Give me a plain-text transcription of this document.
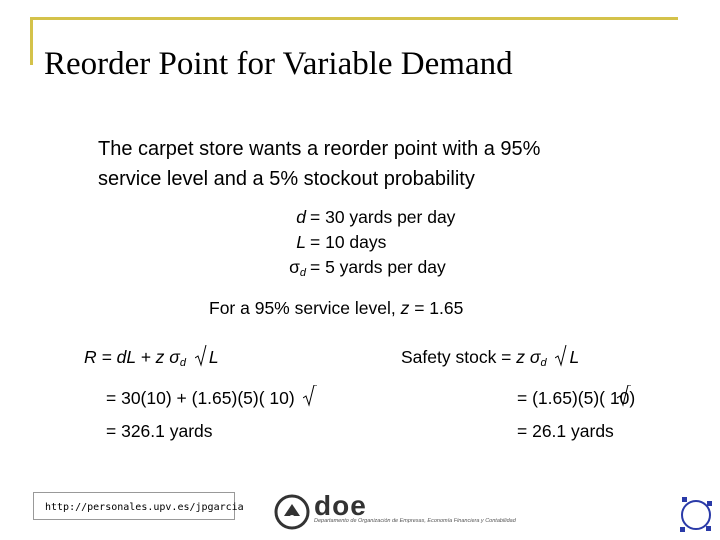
Reorder Point for Variable Demand
The carpet store wants a reorder point with a 95%
service level and a 5% stockout probability
d = 30 yards per day
L = 10 days
σd = 5 yards per day
For a 95% service level, z = 1.65
R = dL + z σd L
= 30(10) + (1.65)(5)( 10)
= 326.1 yards
Safety stock = z σd L
= (1.65)(5)( 10)
= 26.1 yards
http://personales.upv.es/jpgarcia	doe
Departamento de Organización de Empresas, Economía Financiera y Contabilidad
